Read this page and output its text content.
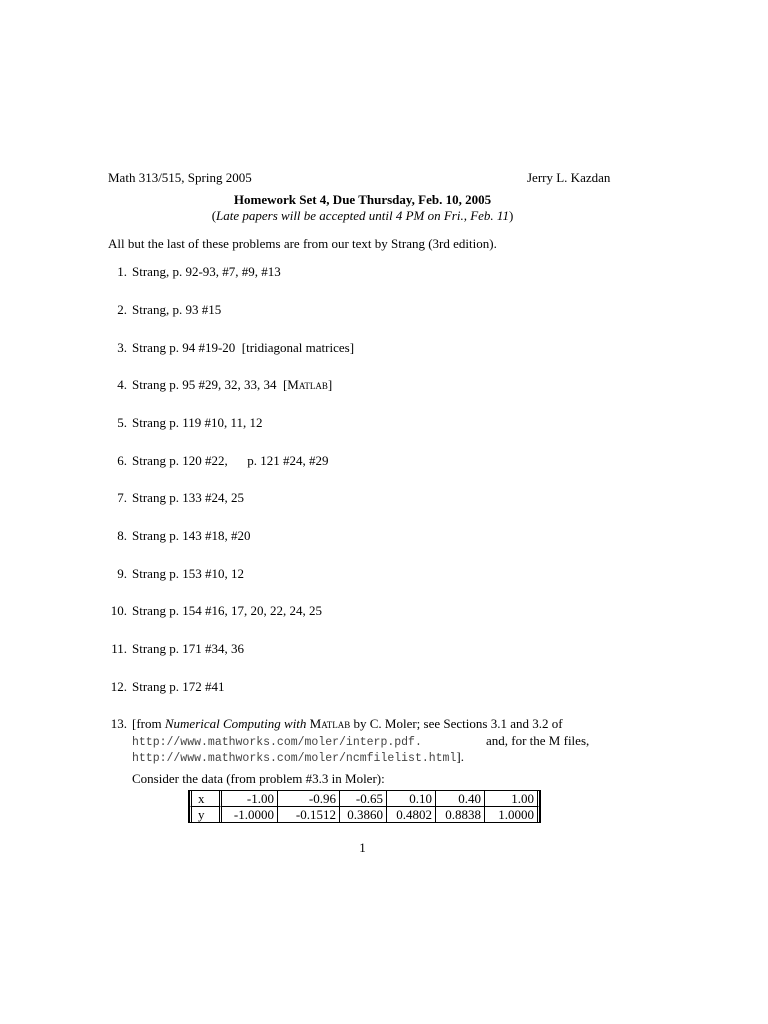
Math 313/515, Spring 2005	Jerry L. Kazdan
Homework Set 4, Due Thursday, Feb. 10, 2005
(Late papers will be accepted until 4 PM on Fri., Feb. 11)
All but the last of these problems are from our text by Strang (3rd edition).
1. Strang, p. 92-93, #7, #9, #13
2. Strang, p. 93 #15
3. Strang p. 94 #19-20  [tridiagonal matrices]
4. Strang p. 95 #29, 32, 33, 34  [Matlab]
5. Strang p. 119 #10, 11, 12
6. Strang p. 120 #22,      p. 121 #24, #29
7. Strang p. 133 #24, 25
8. Strang p. 143 #18, #20
9. Strang p. 153 #10, 12
10. Strang p. 154 #16, 17, 20, 22, 24, 25
11. Strang p. 171 #34, 36
12. Strang p. 172 #41
13. [from Numerical Computing with Matlab by C. Moler; see Sections 3.1 and 3.2 of
http://www.mathworks.com/moler/interp.pdf.	and, for the M files,
http://www.mathworks.com/moler/ncmfilelist.html].
Consider the data (from problem #3.3 in Moler):
x	-1.00	-0.96	-0.65	0.10	0.40	1.00
y	-1.0000	-0.1512	0.3860	0.4802	0.8838	1.0000
1
